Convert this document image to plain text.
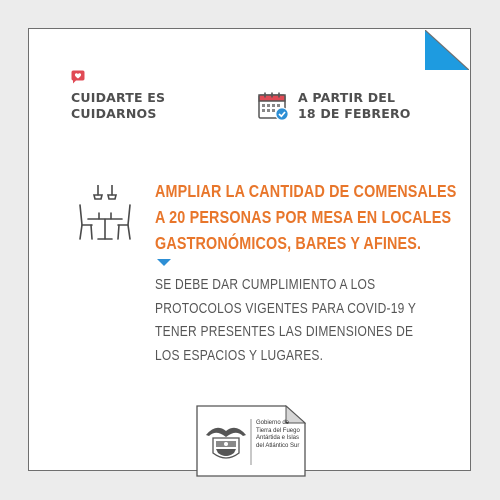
CUIDARTE ES
CUIDARNOS
A PARTIR DEL
18 DE FEBRERO
AMPLIAR LA CANTIDAD DE COMENSALES
A 20 PERSONAS POR MESA EN LOCALES
GASTRONÓMICOS, BARES Y AFINES.
SE DEBE DAR CUMPLIMIENTO A LOS
PROTOCOLOS VIGENTES PARA COVID-19 Y
TENER PRESENTES LAS DIMENSIONES DE
LOS ESPACIOS Y LUGARES.
Gobierno de
Tierra del Fuego
Antártida e Islas
del Atlántico Sur
